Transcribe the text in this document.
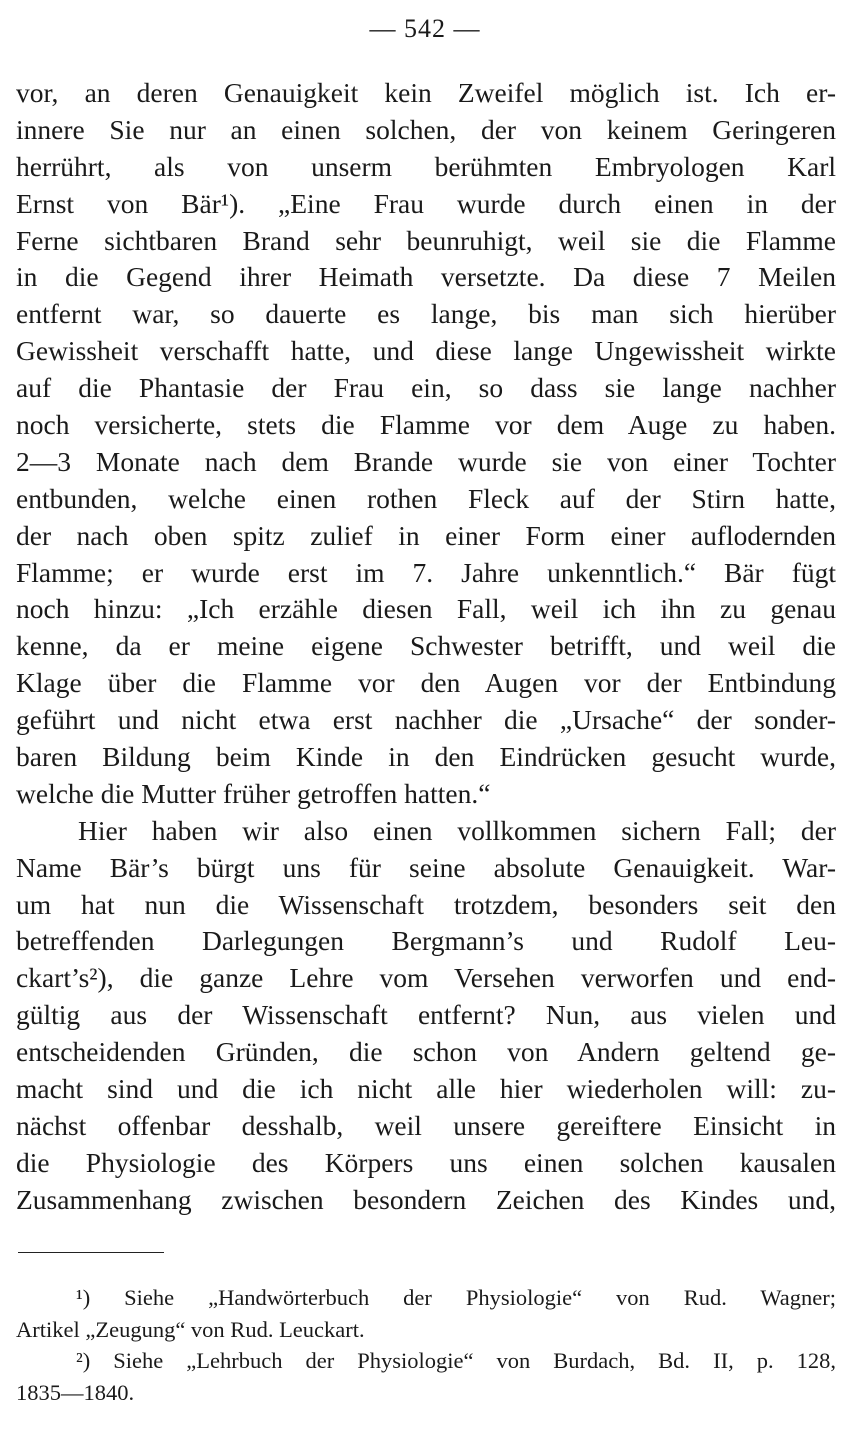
— 542 —
vor, an deren Genauigkeit kein Zweifel möglich ist. Ich er-
innere Sie nur an einen solchen, der von keinem Geringeren
herrührt, als von unserm berühmten Embryologen Karl
Ernst von Bär¹). „Eine Frau wurde durch einen in der
Ferne sichtbaren Brand sehr beunruhigt, weil sie die Flamme
in die Gegend ihrer Heimath versetzte. Da diese 7 Meilen
entfernt war, so dauerte es lange, bis man sich hierüber
Gewissheit verschafft hatte, und diese lange Ungewissheit wirkte
auf die Phantasie der Frau ein, so dass sie lange nachher
noch versicherte, stets die Flamme vor dem Auge zu haben.
2—3 Monate nach dem Brande wurde sie von einer Tochter
entbunden, welche einen rothen Fleck auf der Stirn hatte,
der nach oben spitz zulief in einer Form einer auflodernden
Flamme; er wurde erst im 7. Jahre unkenntlich.“ Bär fügt
noch hinzu: „Ich erzähle diesen Fall, weil ich ihn zu genau
kenne, da er meine eigene Schwester betrifft, und weil die
Klage über die Flamme vor den Augen vor der Entbindung
geführt und nicht etwa erst nachher die „Ursache“ der sonder-
baren Bildung beim Kinde in den Eindrücken gesucht wurde,
welche die Mutter früher getroffen hatten.“
Hier haben wir also einen vollkommen sichern Fall; der
Name Bär’s bürgt uns für seine absolute Genauigkeit. War-
um hat nun die Wissenschaft trotzdem, besonders seit den
betreffenden Darlegungen Bergmann’s und Rudolf Leu-
ckart’s²), die ganze Lehre vom Versehen verworfen und end-
gültig aus der Wissenschaft entfernt? Nun, aus vielen und
entscheidenden Gründen, die schon von Andern geltend ge-
macht sind und die ich nicht alle hier wiederholen will: zu-
nächst offenbar desshalb, weil unsere gereiftere Einsicht in
die Physiologie des Körpers uns einen solchen kausalen
Zusammenhang zwischen besondern Zeichen des Kindes und,
¹) Siehe „Handwörterbuch der Physiologie“ von Rud. Wagner;
Artikel „Zeugung“ von Rud. Leuckart.
²) Siehe „Lehrbuch der Physiologie“ von Burdach, Bd. II, p. 128,
1835—1840.
